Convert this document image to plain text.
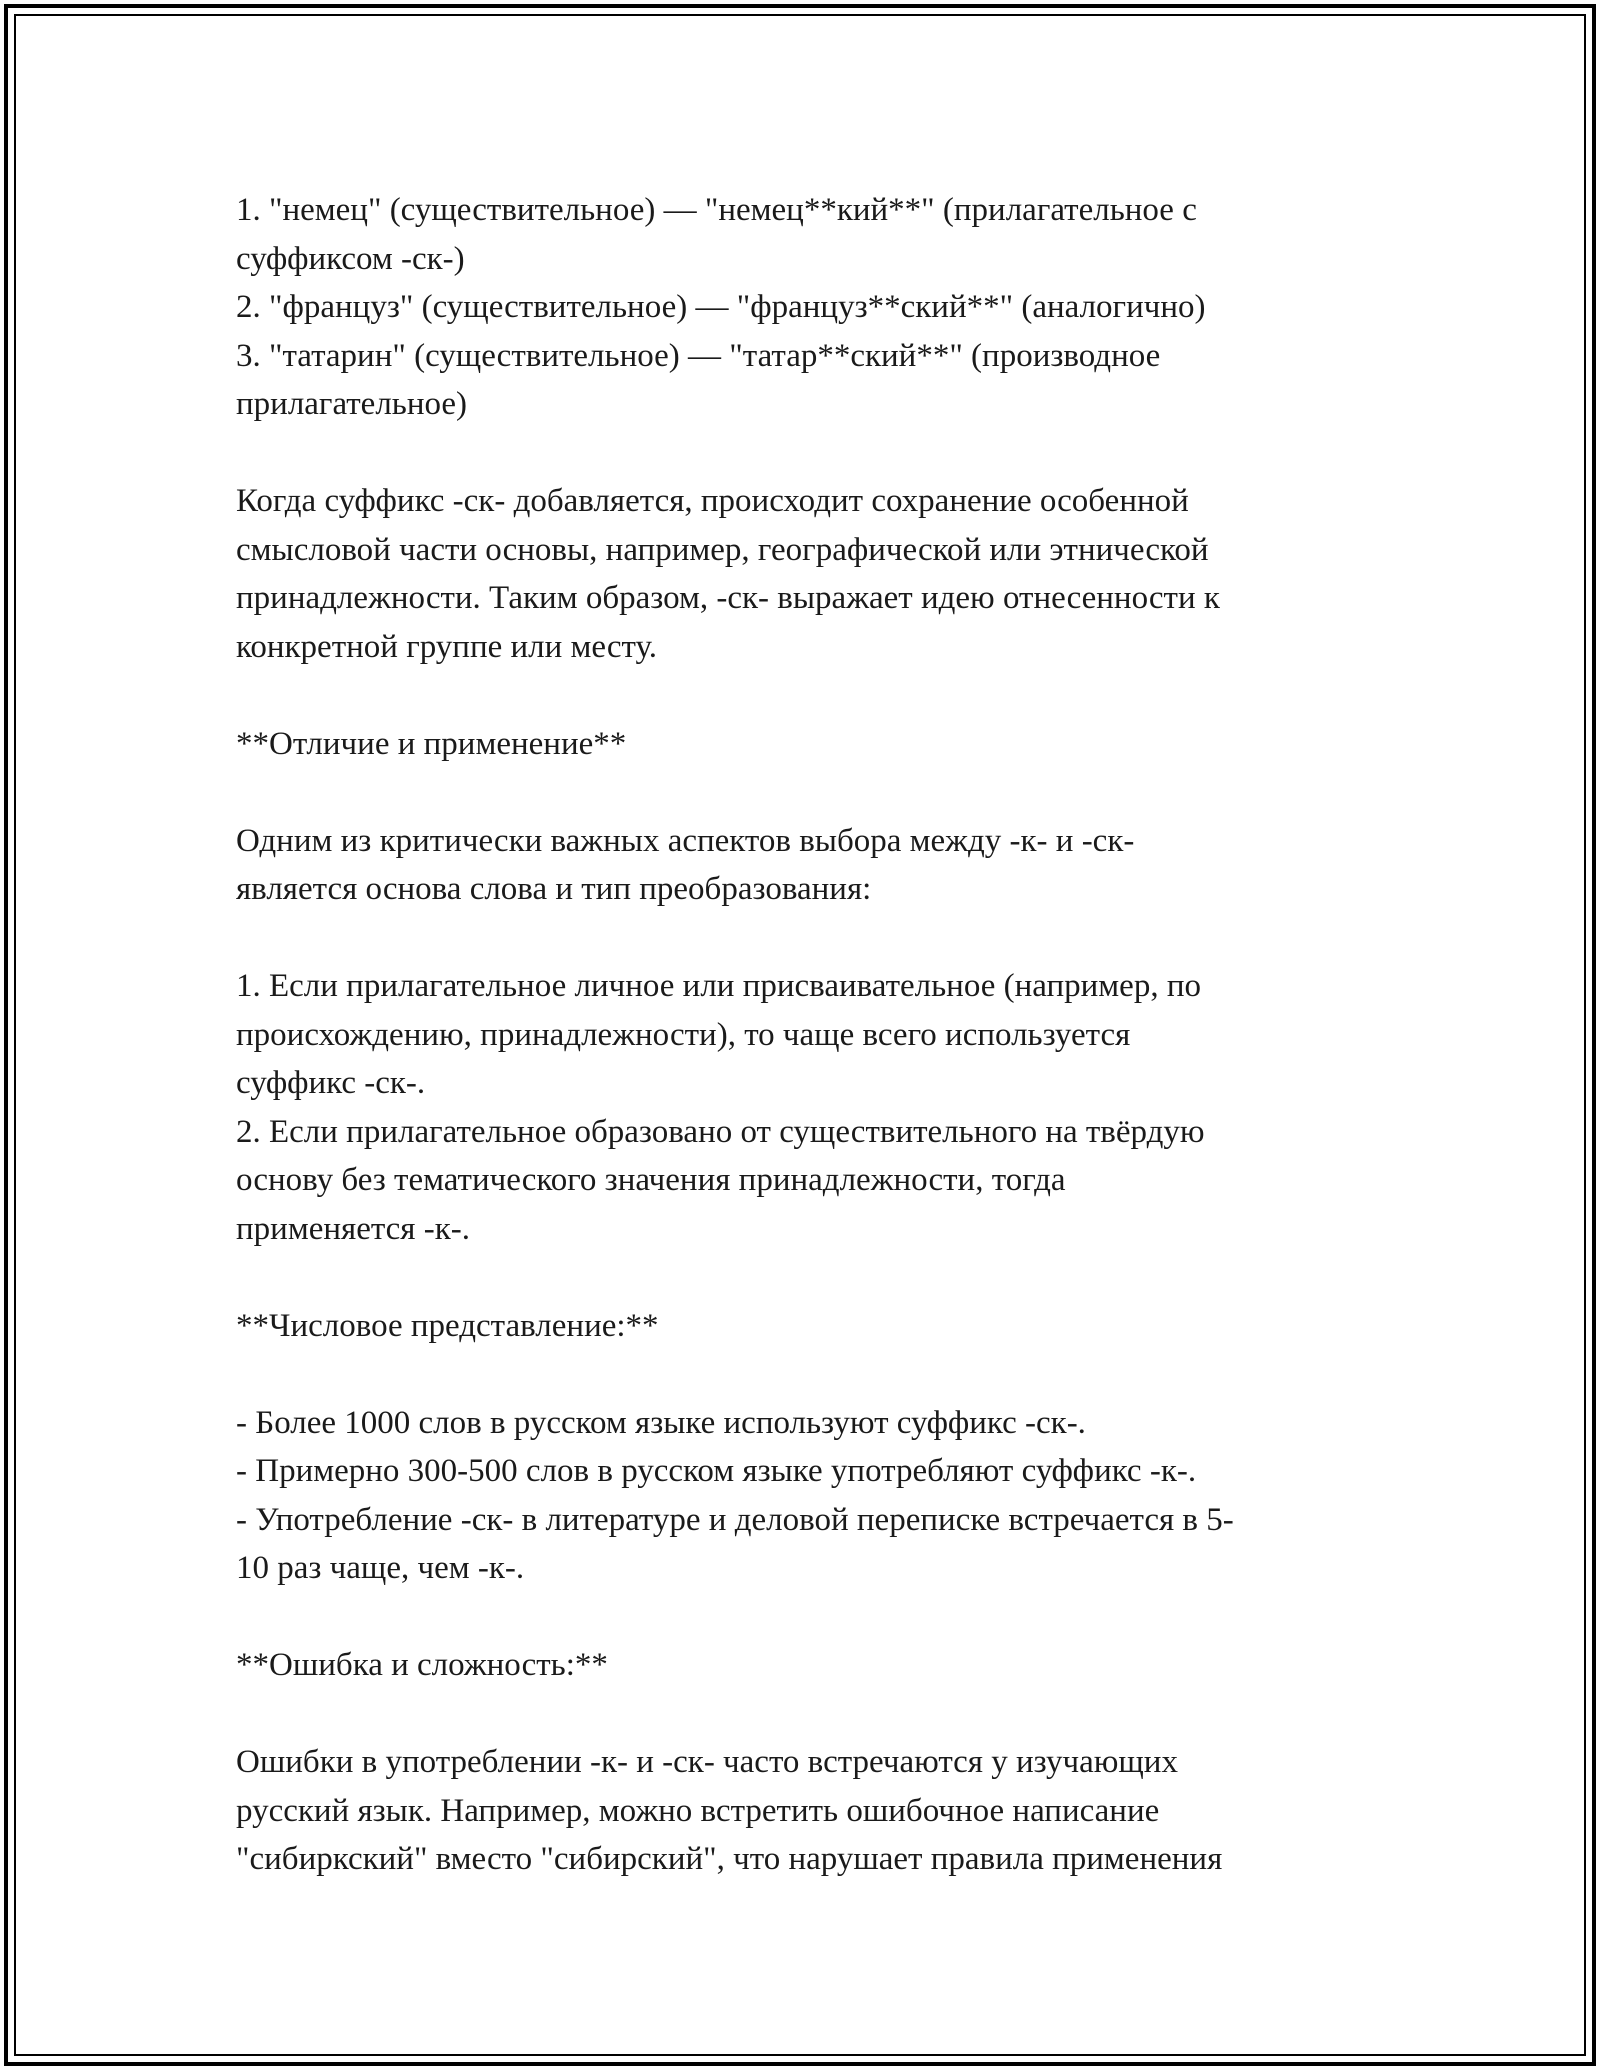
1. "немец" (существительное) — "немец**кий**" (прилагательное с
суффиксом -ск-)
2. "француз" (существительное) — "француз**ский**" (аналогично)
3. "татарин" (существительное) — "татар**ский**" (производное
прилагательное)

Когда суффикс -ск- добавляется, происходит сохранение особенной
смысловой части основы, например, географической или этнической
принадлежности. Таким образом, -ск- выражает идею отнесенности к
конкретной группе или месту.

**Отличие и применение**

Одним из критически важных аспектов выбора между -к- и -ск-
является основа слова и тип преобразования:

1. Если прилагательное личное или присваивательное (например, по
происхождению, принадлежности), то чаще всего используется
суффикс -ск-.
2. Если прилагательное образовано от существительного на твёрдую
основу без тематического значения принадлежности, тогда
применяется -к-.

**Числовое представление:**

- Более 1000 слов в русском языке используют суффикс -ск-.
- Примерно 300-500 слов в русском языке употребляют суффикс -к-.
- Употребление -ск- в литературе и деловой переписке встречается в 5-
10 раз чаще, чем -к-.

**Ошибка и сложность:**

Ошибки в употреблении -к- и -ск- часто встречаются у изучающих
русский язык. Например, можно встретить ошибочное написание
"сибиркский" вместо "сибирский", что нарушает правила применения
